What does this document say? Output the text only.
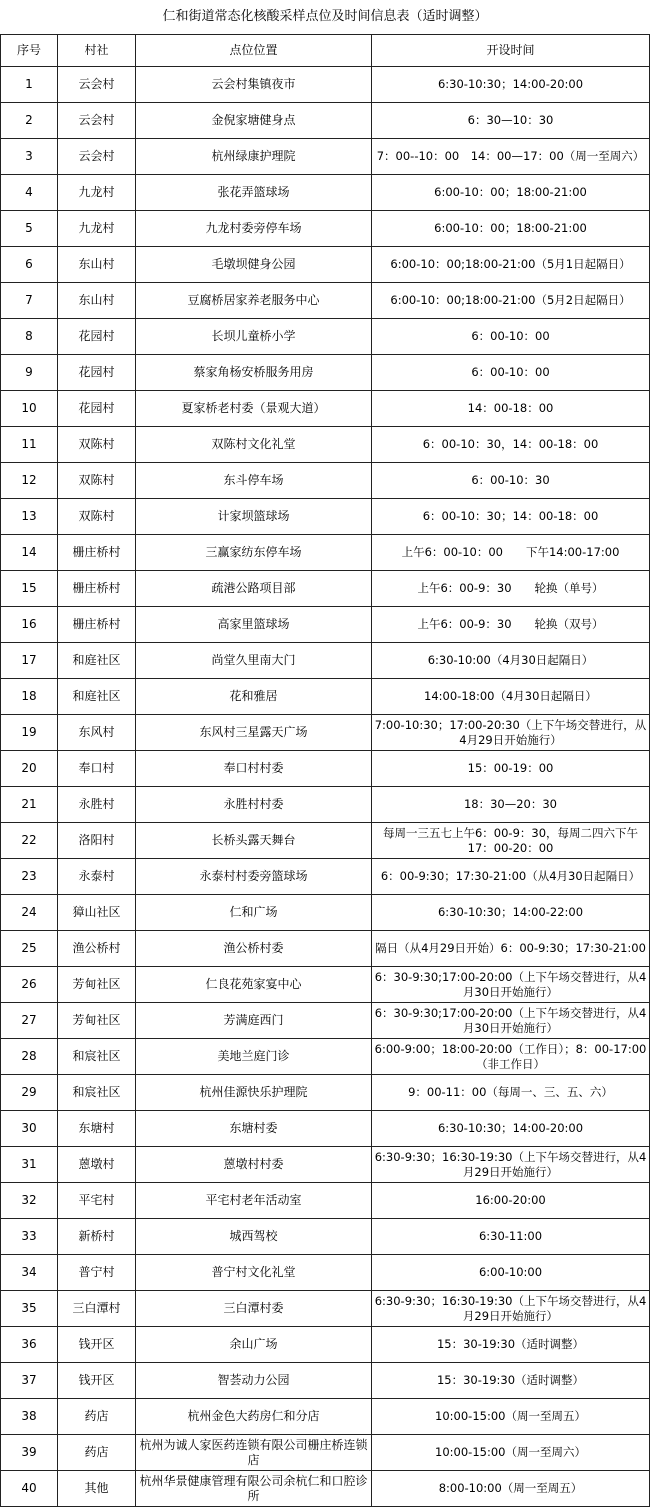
仁和街道常态化核酸采样点位及时间信息表（适时调整）
序号	村社	点位位置	开设时间
1	云会村	云会村集镇夜市	6:30-10:30；14:00-20:00
2	云会村	金倪家塘健身点	6：30—10：30
3	云会村	杭州绿康护理院	7：00--10：00　14：00—17：00（周一至周六）
4	九龙村	张花弄篮球场	6:00-10：00；18:00-21:00
5	九龙村	九龙村委旁停车场	6:00-10：00；18:00-21:00
6	东山村	毛墩坝健身公园	6:00-10：00;18:00-21:00（5月1日起隔日）
7	东山村	豆腐桥居家养老服务中心	6:00-10：00;18:00-21:00（5月2日起隔日）
8	花园村	长坝儿童桥小学	6：00-10：00
9	花园村	蔡家角杨安桥服务用房	6：00-10：00
10	花园村	夏家桥老村委（景观大道）	14：00-18：00
11	双陈村	双陈村文化礼堂	6：00-10：30，14：00-18：00
12	双陈村	东斗停车场	6：00-10：30
13	双陈村	计家坝篮球场	6：00-10：30；14：00-18：00
14	栅庄桥村	三赢家纺东停车场	上午6：00-10：00　　下午14:00-17:00
15	栅庄桥村	疏港公路项目部	上午6：00-9：30　　轮换（单号）
16	栅庄桥村	高家里篮球场	上午6：00-9：30　　轮换（双号）
17	和庭社区	尚堂久里南大门	6:30-10:00（4月30日起隔日）
18	和庭社区	花和雅居	14:00-18:00（4月30日起隔日）
19	东风村	东风村三星露天广场	7:00-10:30；17:00-20:30（上下午场交替进行，从4月29日开始施行）
20	奉口村	奉口村村委	15：00-19：00
21	永胜村	永胜村村委	18：30—20：30
22	洛阳村	长桥头露天舞台	每周一三五七上午6：00-9：30，每周二四六下午17：00-20：00
23	永泰村	永泰村村委旁篮球场	6：00-9:30；17:30-21:00（从4月30日起隔日）
24	獐山社区	仁和广场	6:30-10:30；14:00-22:00
25	渔公桥村	渔公桥村委	隔日（从4月29日开始）6：00-9:30；17:30-21:00
26	芳甸社区	仁良花苑家宴中心	6：30-9:30;17:00-20:00（上下午场交替进行，从4月30日开始施行）
27	芳甸社区	芳满庭西门	6：30-9:30;17:00-20:00（上下午场交替进行，从4月30日开始施行）
28	和宸社区	美地兰庭门诊	6:00-9:00；18:00-20:00（工作日）；8：00-17:00（非工作日）
29	和宸社区	杭州佳源快乐护理院	9：00-11：00（每周一、三、五、六）
30	东塘村	东塘村委	6:30-10:30；14:00-20:00
31	蒽墩村	蒽墩村村委	6:30-9:30；16:30-19:30（上下午场交替进行，从4月29日开始施行）
32	平宅村	平宅村老年活动室	16:00-20:00
33	新桥村	城西驾校	6:30-11:00
34	普宁村	普宁村文化礼堂	6:00-10:00
35	三白潭村	三白潭村委	6:30-9:30；16:30-19:30（上下午场交替进行，从4月29日开始施行）
36	钱开区	余山广场	15：30-19:30（适时调整）
37	钱开区	智荟动力公园	15：30-19:30（适时调整）
38	药店	杭州金色大药房仁和分店	10:00-15:00（周一至周五）
39	药店	杭州为诚人家医药连锁有限公司栅庄桥连锁店	10:00-15:00（周一至周六）
40	其他	杭州华景健康管理有限公司余杭仁和口腔诊所	8:00-10:00（周一至周五）
